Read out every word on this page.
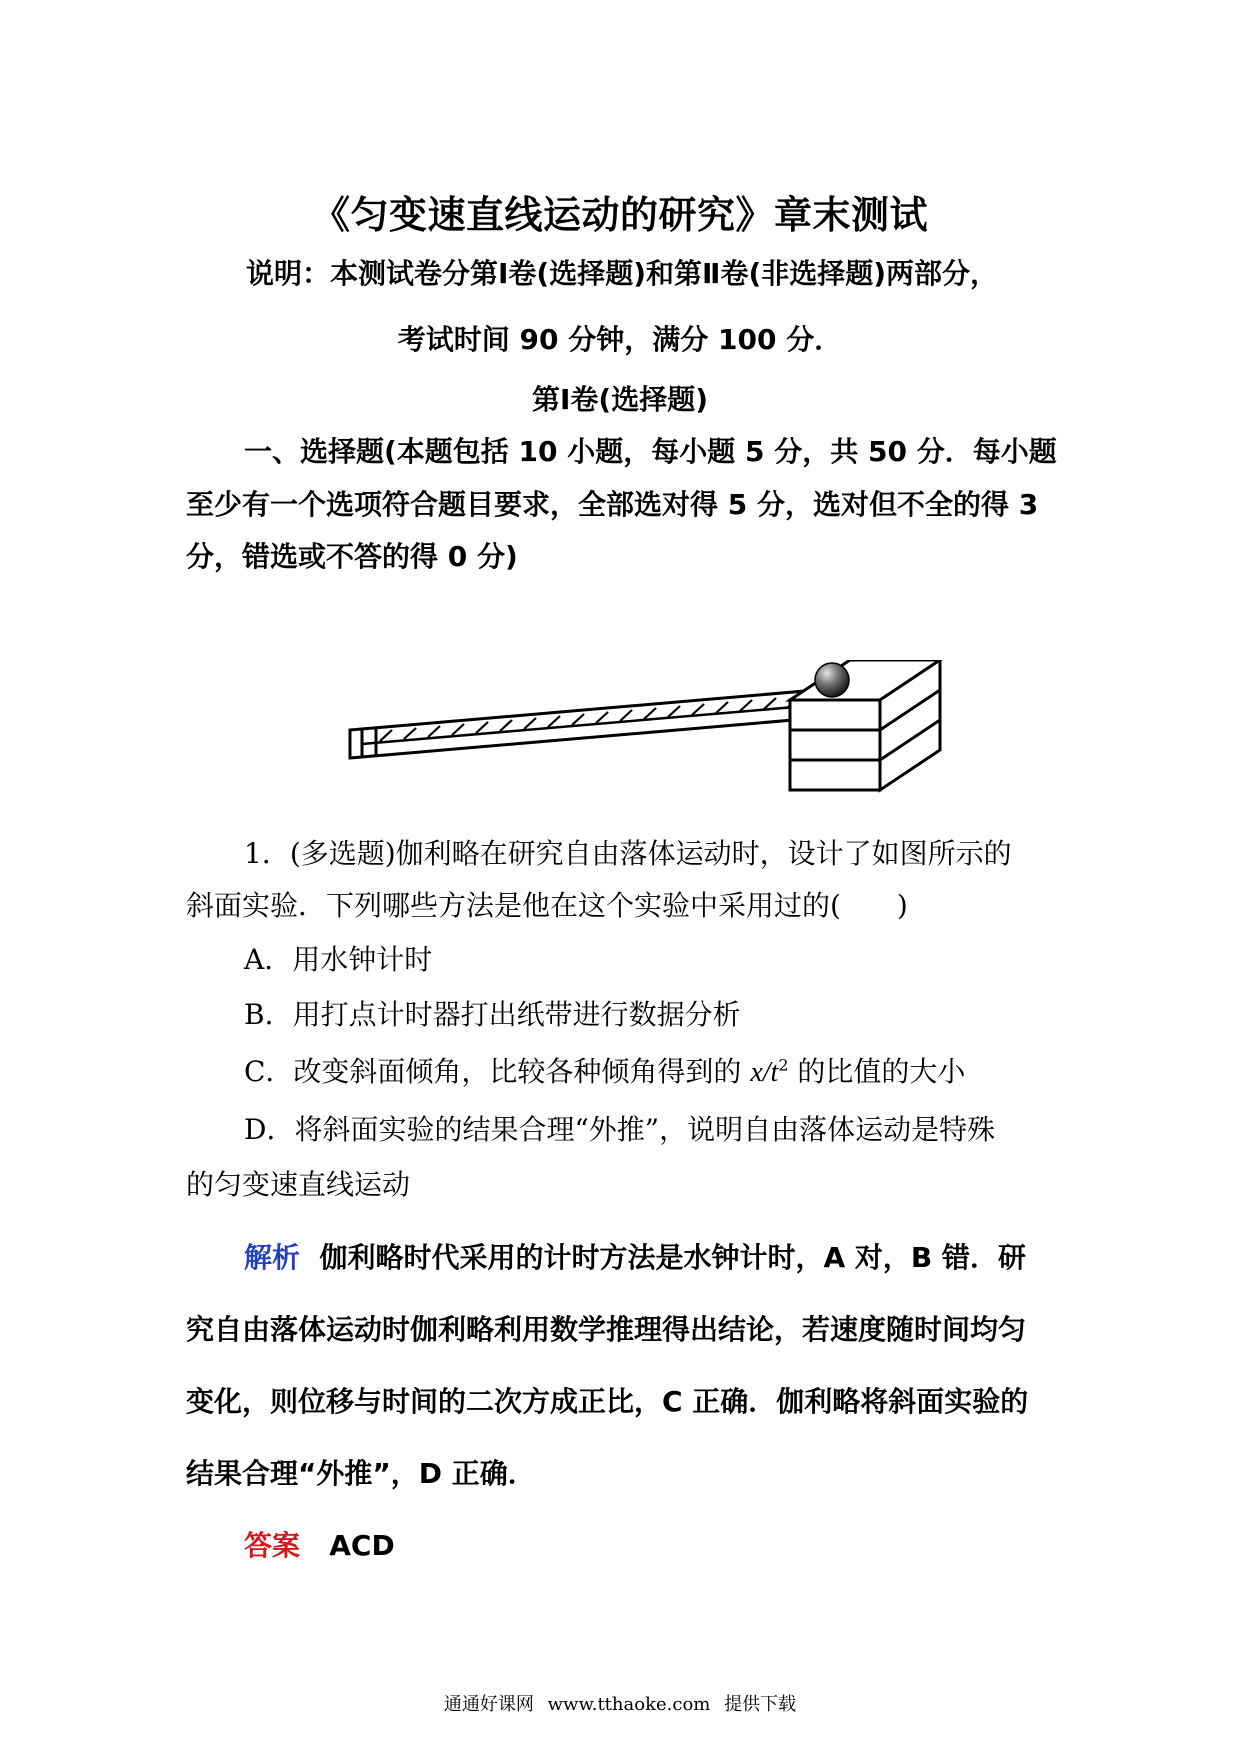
《匀变速直线运动的研究》章末测试
说明：本测试卷分第Ⅰ卷(选择题)和第Ⅱ卷(非选择题)两部分，
考试时间 90 分钟，满分 100 分．
第Ⅰ卷(选择题)
一、选择题(本题包括 10 小题，每小题 5 分，共 50 分．每小题
至少有一个选项符合题目要求，全部选对得 5 分，选对但不全的得 3
分，错选或不答的得 0 分)
1．(多选题)伽利略在研究自由落体运动时，设计了如图所示的
斜面实验．下列哪些方法是他在这个实验中采用过的(　　)
A．用水钟计时
B．用打点计时器打出纸带进行数据分析
C．改变斜面倾角，比较各种倾角得到的 $x/t^2$ 的比值的大小
D．将斜面实验的结果合理“外推”，说明自由落体运动是特殊
的匀变速直线运动
解析 伽利略时代采用的计时方法是水钟计时，A 对，B 错．研
究自由落体运动时伽利略利用数学推理得出结论，若速度随时间均匀
变化，则位移与时间的二次方成正比，C 正确．伽利略将斜面实验的
结果合理“外推”，D 正确．
答案 ACD
通通好课网 www.tthaoke.com 提供下载
